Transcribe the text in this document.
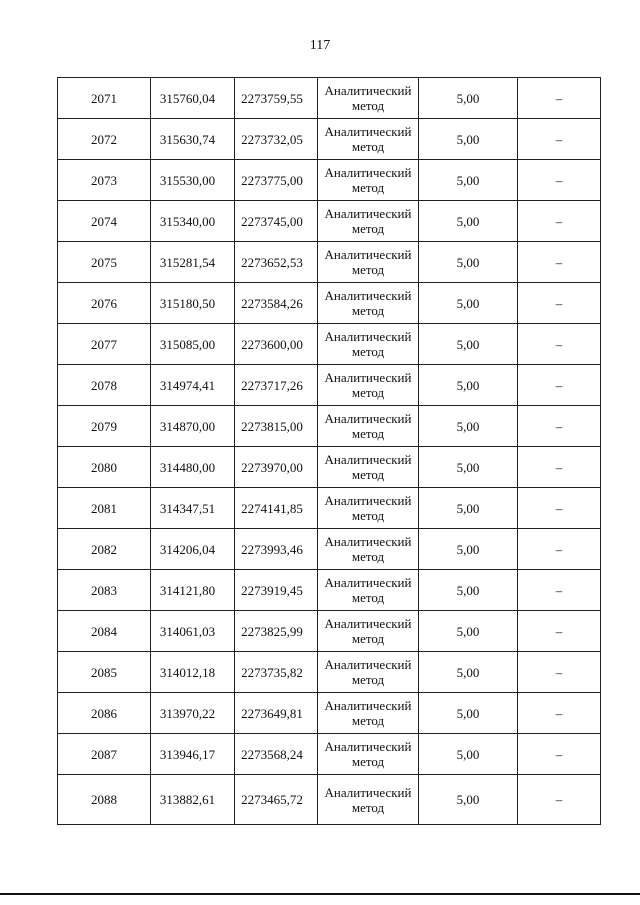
117
2071	315760,04	2273759,55	Аналитический метод	5,00	–
2072	315630,74	2273732,05	Аналитический метод	5,00	–
2073	315530,00	2273775,00	Аналитический метод	5,00	–
2074	315340,00	2273745,00	Аналитический метод	5,00	–
2075	315281,54	2273652,53	Аналитический метод	5,00	–
2076	315180,50	2273584,26	Аналитический метод	5,00	–
2077	315085,00	2273600,00	Аналитический метод	5,00	–
2078	314974,41	2273717,26	Аналитический метод	5,00	–
2079	314870,00	2273815,00	Аналитический метод	5,00	–
2080	314480,00	2273970,00	Аналитический метод	5,00	–
2081	314347,51	2274141,85	Аналитический метод	5,00	–
2082	314206,04	2273993,46	Аналитический метод	5,00	–
2083	314121,80	2273919,45	Аналитический метод	5,00	–
2084	314061,03	2273825,99	Аналитический метод	5,00	–
2085	314012,18	2273735,82	Аналитический метод	5,00	–
2086	313970,22	2273649,81	Аналитический метод	5,00	–
2087	313946,17	2273568,24	Аналитический метод	5,00	–
2088	313882,61	2273465,72	Аналитический метод	5,00	–
